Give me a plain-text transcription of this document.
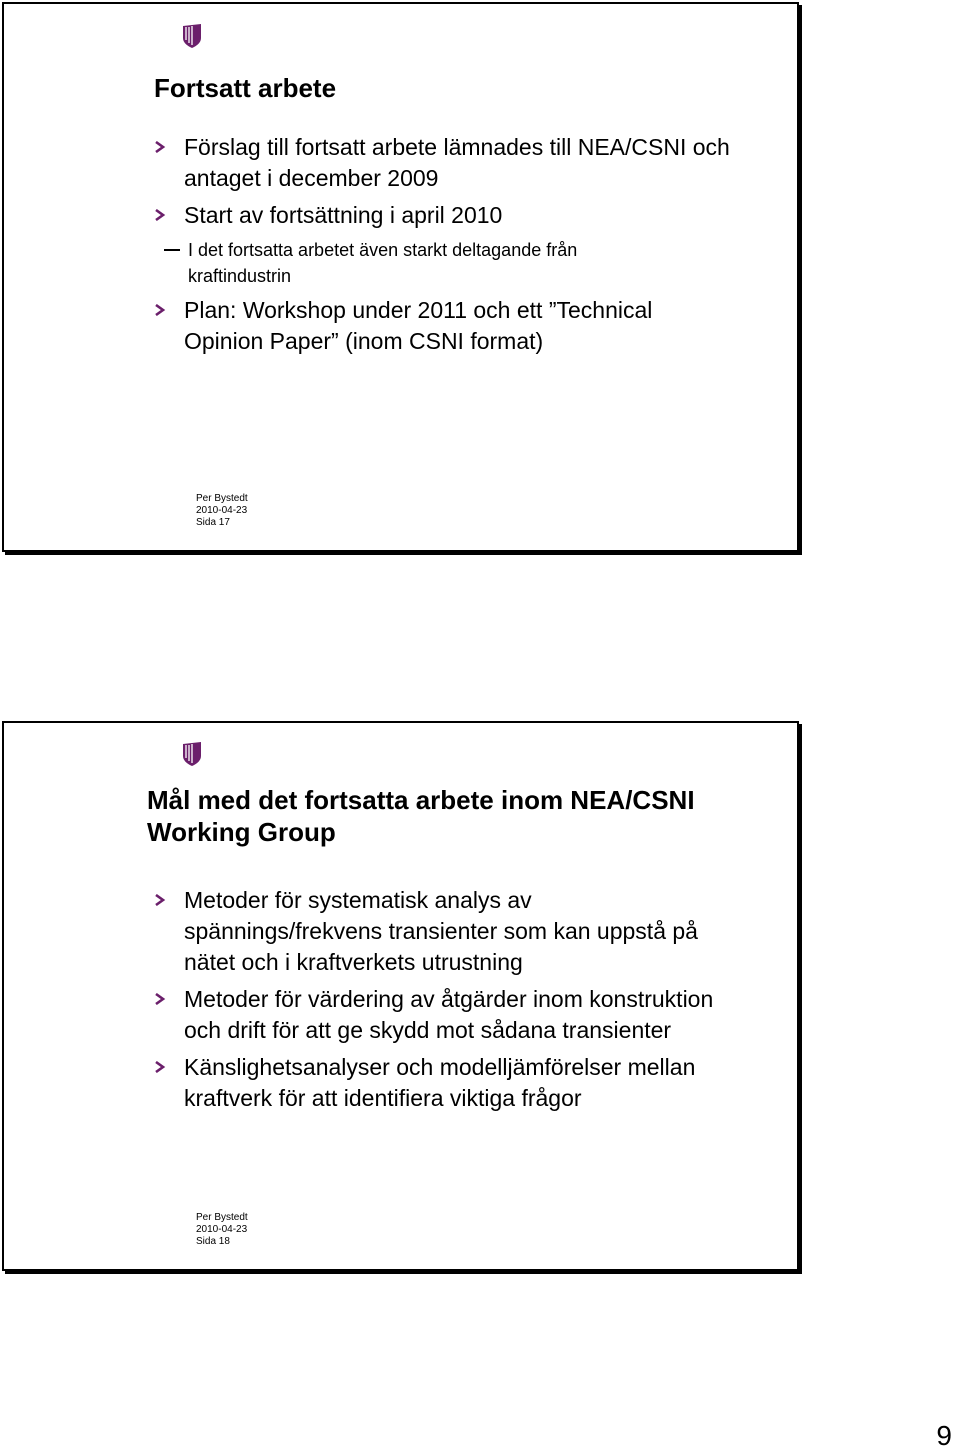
Fortsatt arbete
Förslag till fortsatt arbete lämnades till NEA/CSNI och antaget i december 2009
Start av fortsättning i april 2010
I det fortsatta arbetet även starkt deltagande från kraftindustrin
Plan: Workshop under 2011 och ett ”Technical Opinion Paper” (inom CSNI format)
Per Bystedt
2010-04-23
Sida 17
Mål med det fortsatta arbete inom NEA/CSNI Working Group
Metoder för systematisk analys av spännings/frekvens transienter som kan uppstå på nätet och i kraftverkets utrustning
Metoder för värdering av åtgärder inom konstruktion och drift för att ge skydd mot sådana transienter
Känslighetsanalyser och modelljämförelser mellan kraftverk för att identifiera viktiga frågor
Per Bystedt
2010-04-23
Sida 18
9
